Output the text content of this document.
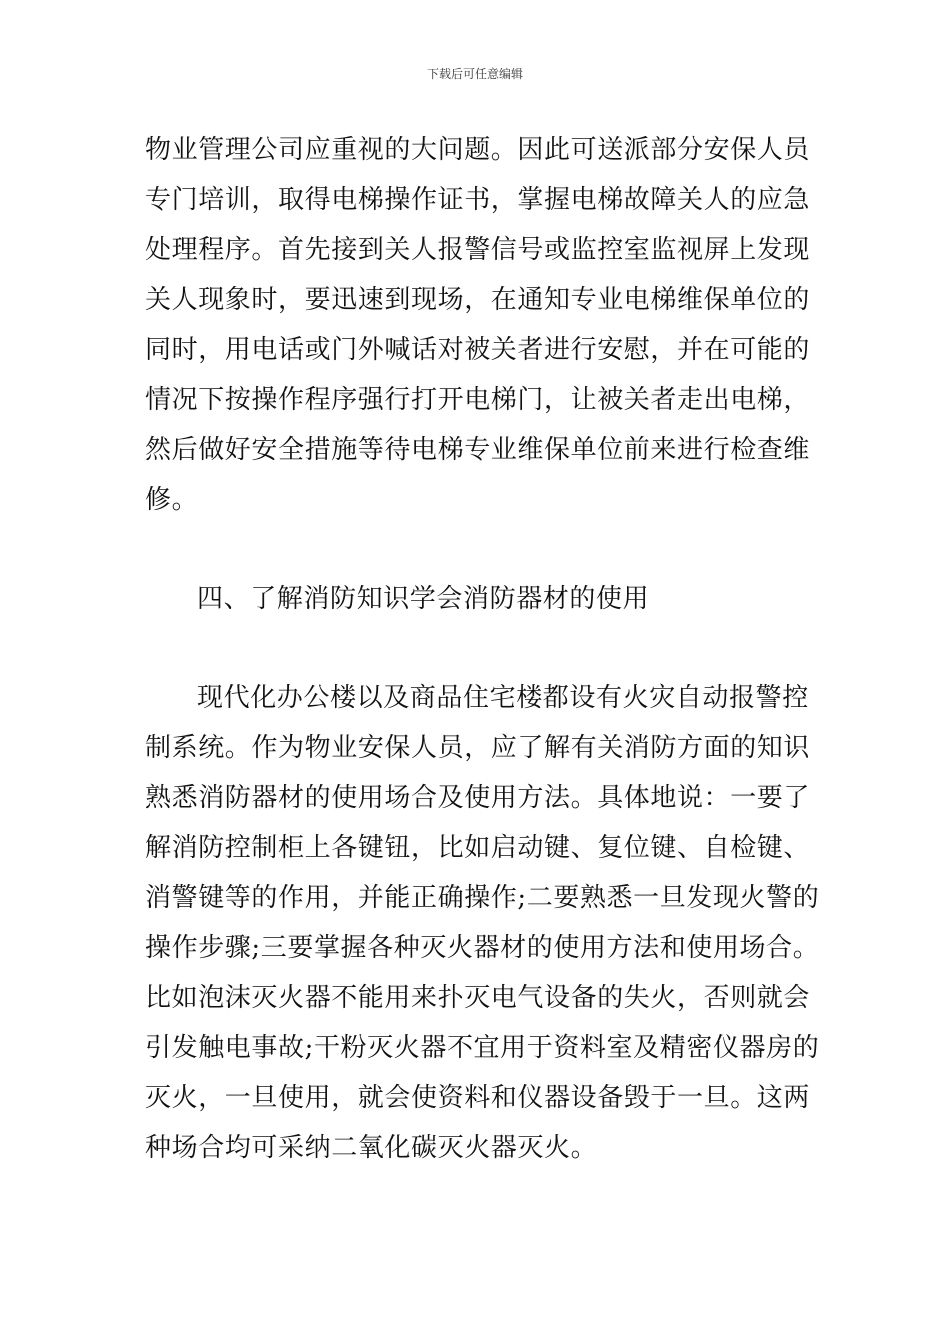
下载后可任意编辑
物业管理公司应重视的大问题。因此可送派部分安保人员
专门培训，取得电梯操作证书，掌握电梯故障关人的应急
处理程序。首先接到关人报警信号或监控室监视屏上发现
关人现象时，要迅速到现场，在通知专业电梯维保单位的
同时，用电话或门外喊话对被关者进行安慰，并在可能的
情况下按操作程序强行打开电梯门，让被关者走出电梯，
然后做好安全措施等待电梯专业维保单位前来进行检查维
修。
四、了解消防知识学会消防器材的使用
现代化办公楼以及商品住宅楼都设有火灾自动报警控
制系统。作为物业安保人员，应了解有关消防方面的知识
熟悉消防器材的使用场合及使用方法。具体地说：一要了
解消防控制柜上各键钮，比如启动键、复位键、自检键、
消警键等的作用，并能正确操作;二要熟悉一旦发现火警的
操作步骤;三要掌握各种灭火器材的使用方法和使用场合。
比如泡沫灭火器不能用来扑灭电气设备的失火，否则就会
引发触电事故;干粉灭火器不宜用于资料室及精密仪器房的
灭火，一旦使用，就会使资料和仪器设备毁于一旦。这两
种场合均可采纳二氧化碳灭火器灭火。
